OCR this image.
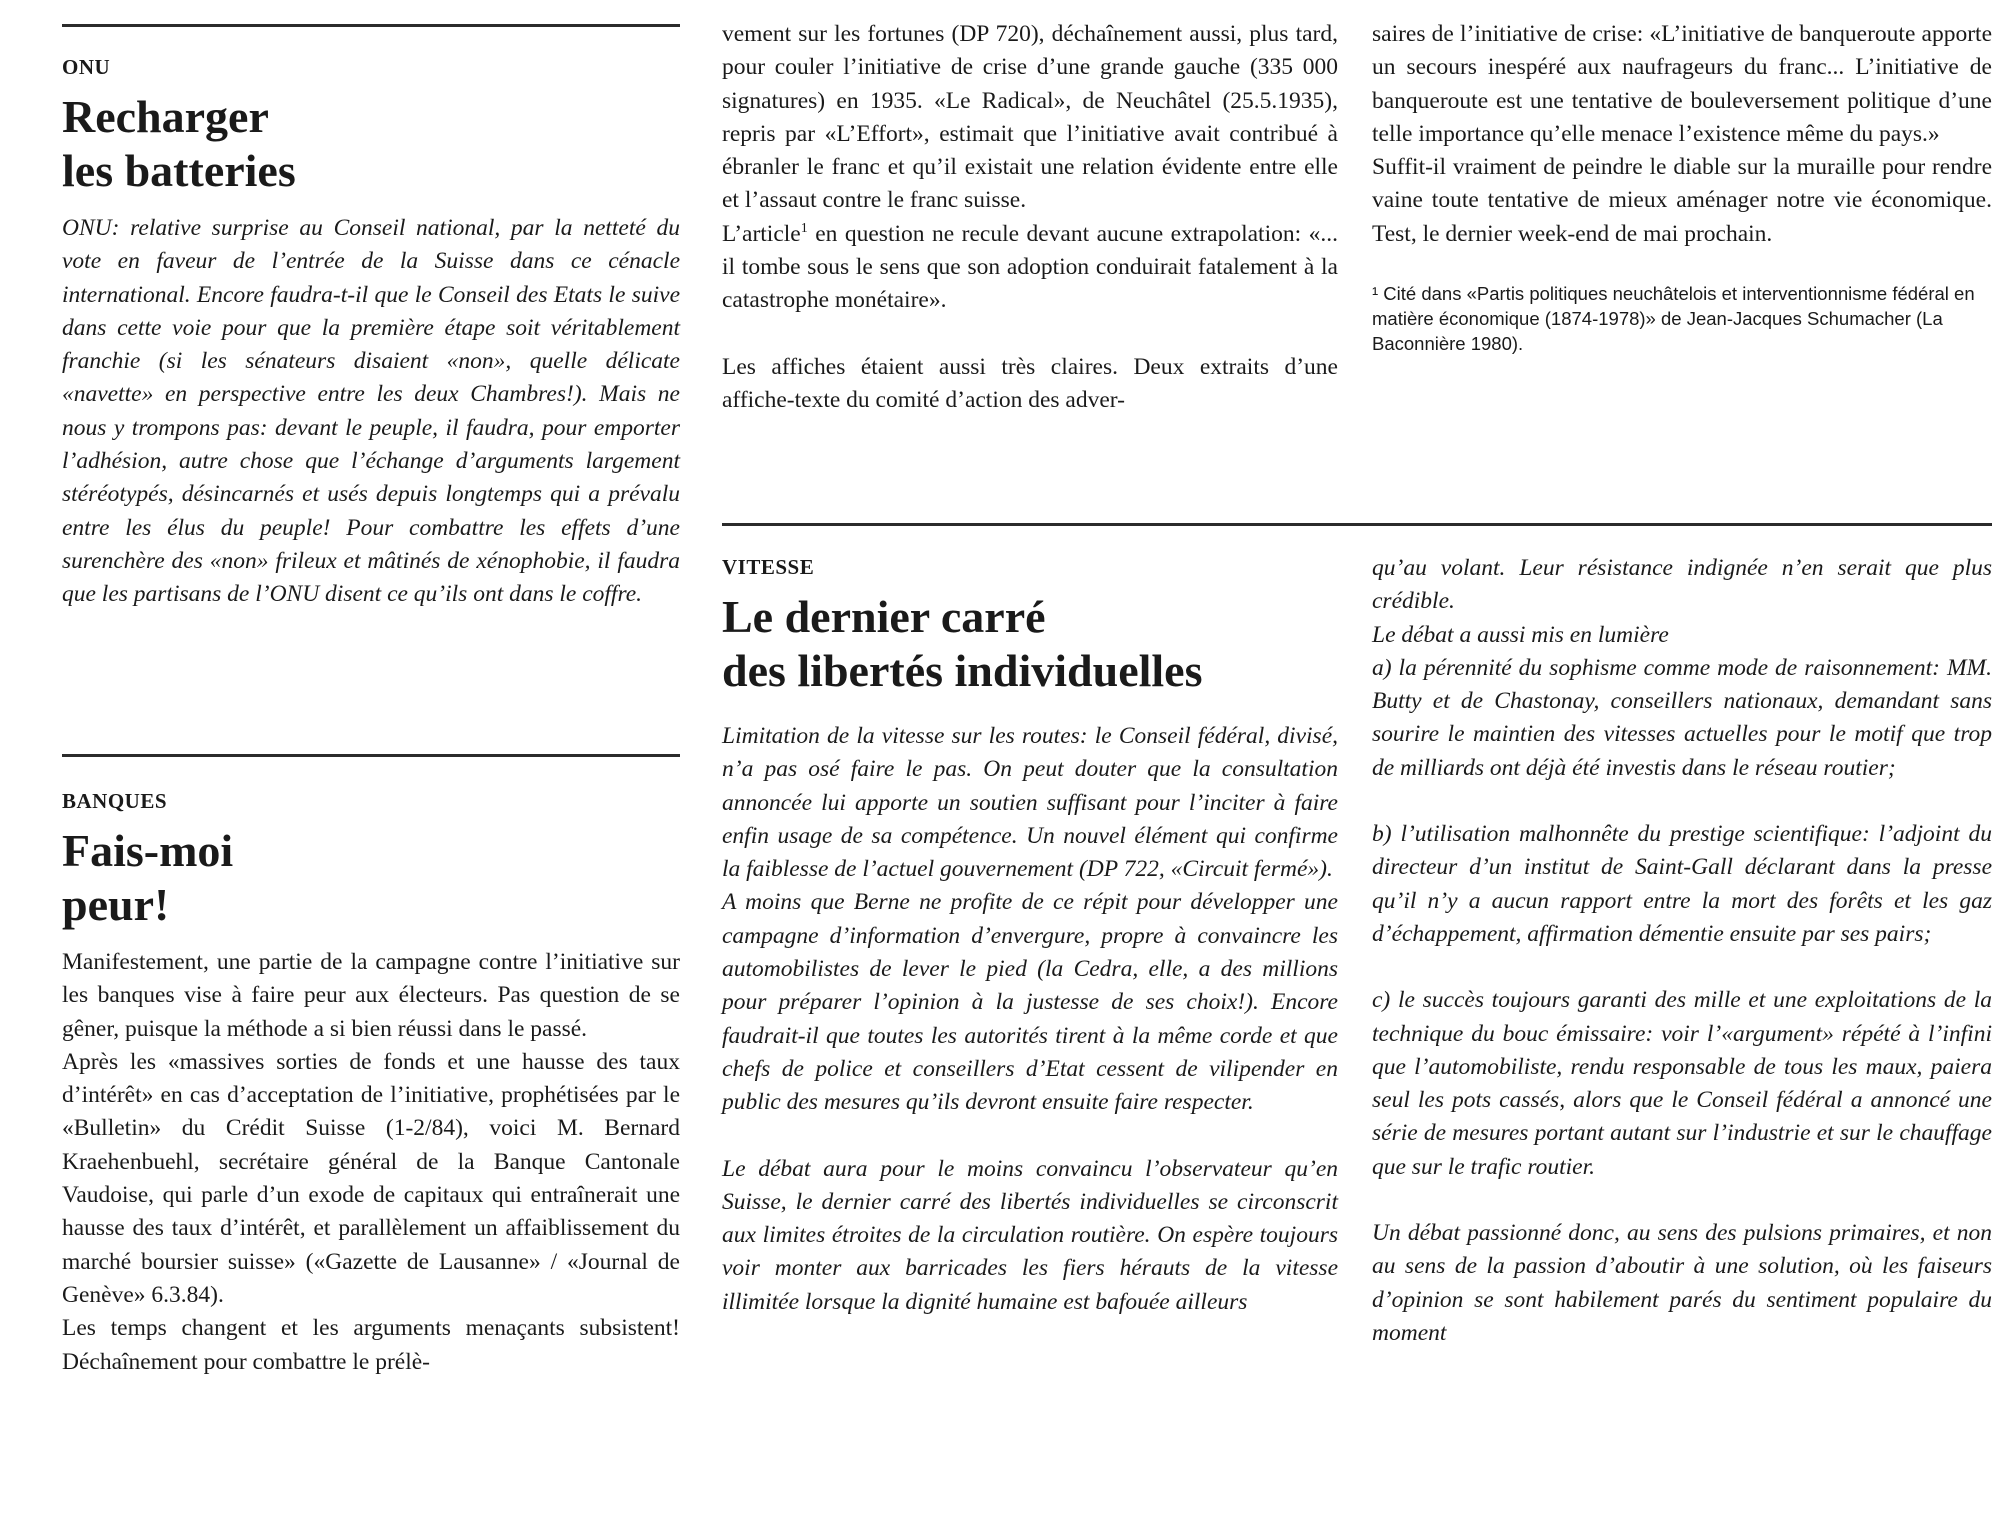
ONU

Recharger
les batteries

ONU: relative surprise au Conseil national, par la netteté du vote en faveur de l’entrée de la Suisse dans ce cénacle international. Encore faudra-t-il que le Conseil des Etats le suive dans cette voie pour que la première étape soit véritablement franchie (si les sénateurs disaient «non», quelle délicate «navette» en perspective entre les deux Chambres!). Mais ne nous y trompons pas: devant le peuple, il faudra, pour emporter l’adhésion, autre chose que l’échange d’arguments largement stéréotypés, désincarnés et usés depuis longtemps qui a prévalu entre les élus du peuple! Pour combattre les effets d’une surenchère des «non» frileux et mâtinés de xénophobie, il faudra que les partisans de l’ONU disent ce qu’ils ont dans le coffre.

BANQUES

Fais-moi
peur!

Manifestement, une partie de la campagne contre l’initiative sur les banques vise à faire peur aux électeurs. Pas question de se gêner, puisque la méthode a si bien réussi dans le passé.

Après les «massives sorties de fonds et une hausse des taux d’intérêt» en cas d’acceptation de l’initiative, prophétisées par le «Bulletin» du Crédit Suisse (1-2/84), voici M. Bernard Kraehenbuehl, secrétaire général de la Banque Cantonale Vaudoise, qui parle d’un exode de capitaux qui entraînerait une hausse des taux d’intérêt, et parallèlement un affaiblissement du marché boursier suisse» («Gazette de Lausanne» / «Journal de Genève» 6.3.84).

Les temps changent et les arguments menaçants subsistent! Déchaînement pour combattre le prélè-

vement sur les fortunes (DP 720), déchaînement aussi, plus tard, pour couler l’initiative de crise d’une grande gauche (335 000 signatures) en 1935. «Le Radical», de Neuchâtel (25.5.1935), repris par «L’Effort», estimait que l’initiative avait contribué à ébranler le franc et qu’il existait une relation évidente entre elle et l’assaut contre le franc suisse.

L’article$^1$ en question ne recule devant aucune extrapolation: «... il tombe sous le sens que son adoption conduirait fatalement à la catastrophe monétaire».

Les affiches étaient aussi très claires. Deux extraits d’une affiche-texte du comité d’action des adver-

saires de l’initiative de crise: «L’initiative de banqueroute apporte un secours inespéré aux naufrageurs du franc... L’initiative de banqueroute est une tentative de bouleversement politique d’une telle importance qu’elle menace l’existence même du pays.»

Suffit-il vraiment de peindre le diable sur la muraille pour rendre vaine toute tentative de mieux aménager notre vie économique. Test, le dernier week-end de mai prochain.

¹ Cité dans «Partis politiques neuchâtelois et interventionnisme fédéral en matière économique (1874-1978)» de Jean-Jacques Schumacher (La Baconnière 1980).

VITESSE

Le dernier carré
des libertés individuelles

Limitation de la vitesse sur les routes: le Conseil fédéral, divisé, n’a pas osé faire le pas. On peut douter que la consultation annoncée lui apporte un soutien suffisant pour l’inciter à faire enfin usage de sa compétence. Un nouvel élément qui confirme la faiblesse de l’actuel gouvernement (DP 722, «Circuit fermé»).

A moins que Berne ne profite de ce répit pour développer une campagne d’information d’envergure, propre à convaincre les automobilistes de lever le pied (la Cedra, elle, a des millions pour préparer l’opinion à la justesse de ses choix!). Encore faudrait-il que toutes les autorités tirent à la même corde et que chefs de police et conseillers d’Etat cessent de vilipender en public des mesures qu’ils devront ensuite faire respecter.

Le débat aura pour le moins convaincu l’observateur qu’en Suisse, le dernier carré des libertés individuelles se circonscrit aux limites étroites de la circulation routière. On espère toujours voir monter aux barricades les fiers hérauts de la vitesse illimitée lorsque la dignité humaine est bafouée ailleurs

qu’au volant. Leur résistance indignée n’en serait que plus crédible.

Le débat a aussi mis en lumière

a) la pérennité du sophisme comme mode de raisonnement: MM. Butty et de Chastonay, conseillers nationaux, demandant sans sourire le maintien des vitesses actuelles pour le motif que trop de milliards ont déjà été investis dans le réseau routier;

b) l’utilisation malhonnête du prestige scientifique: l’adjoint du directeur d’un institut de Saint-Gall déclarant dans la presse qu’il n’y a aucun rapport entre la mort des forêts et les gaz d’échappement, affirmation démentie ensuite par ses pairs;

c) le succès toujours garanti des mille et une exploitations de la technique du bouc émissaire: voir l’«argument» répété à l’infini que l’automobiliste, rendu responsable de tous les maux, paiera seul les pots cassés, alors que le Conseil fédéral a annoncé une série de mesures portant autant sur l’industrie et sur le chauffage que sur le trafic routier.

Un débat passionné donc, au sens des pulsions primaires, et non au sens de la passion d’aboutir à une solution, où les faiseurs d’opinion se sont habilement parés du sentiment populaire du moment
